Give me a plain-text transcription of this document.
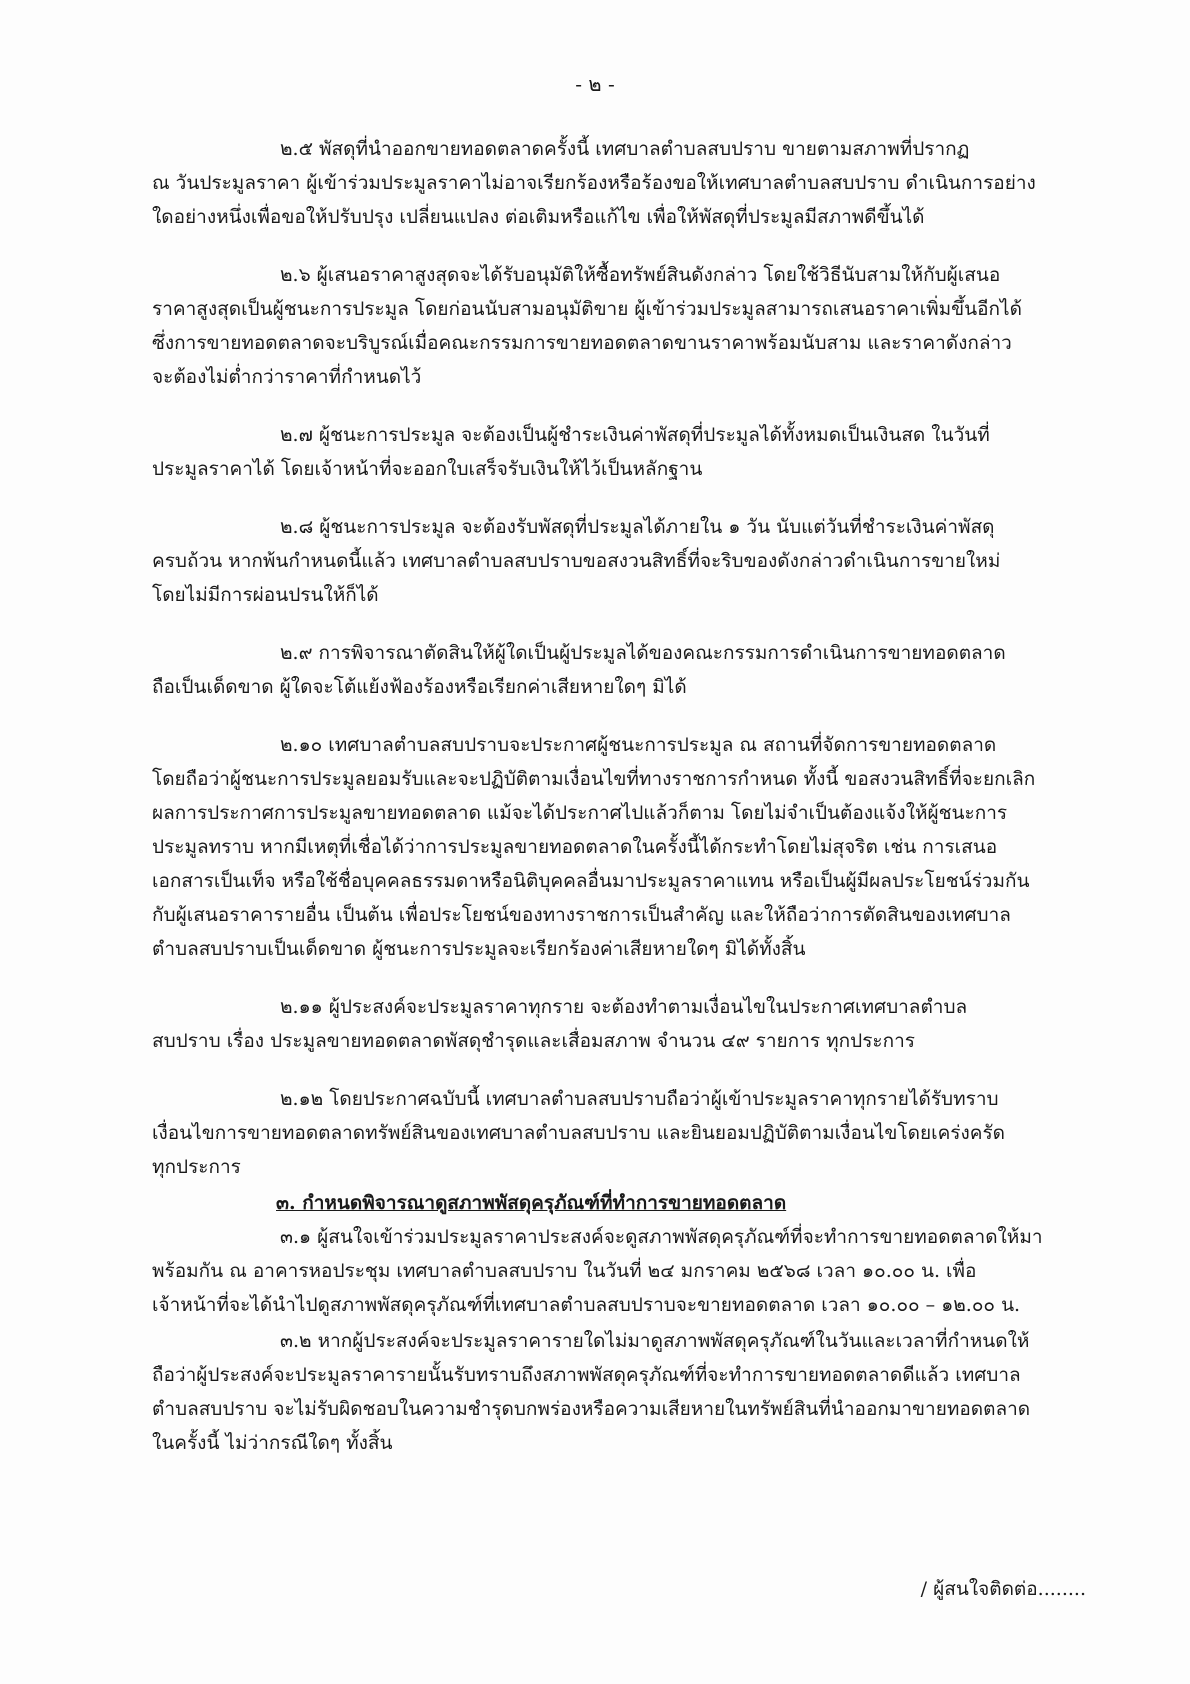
- ๒ -
๒.๕ พัสดุที่นำออกขายทอดตลาดครั้งนี้ เทศบาลตำบลสบปราบ ขายตามสภาพที่ปรากฏ
ณ วันประมูลราคา ผู้เข้าร่วมประมูลราคาไม่อาจเรียกร้องหรือร้องขอให้เทศบาลตำบลสบปราบ ดำเนินการอย่าง
ใดอย่างหนึ่งเพื่อขอให้ปรับปรุง เปลี่ยนแปลง ต่อเติมหรือแก้ไข เพื่อให้พัสดุที่ประมูลมีสภาพดีขึ้นได้
๒.๖ ผู้เสนอราคาสูงสุดจะได้รับอนุมัติให้ซื้อทรัพย์สินดังกล่าว โดยใช้วิธีนับสามให้กับผู้เสนอ
ราคาสูงสุดเป็นผู้ชนะการประมูล โดยก่อนนับสามอนุมัติขาย ผู้เข้าร่วมประมูลสามารถเสนอราคาเพิ่มขึ้นอีกได้
ซึ่งการขายทอดตลาดจะบริบูรณ์เมื่อคณะกรรมการขายทอดตลาดขานราคาพร้อมนับสาม และราคาดังกล่าว
จะต้องไม่ต่ำกว่าราคาที่กำหนดไว้
๒.๗ ผู้ชนะการประมูล จะต้องเป็นผู้ชำระเงินค่าพัสดุที่ประมูลได้ทั้งหมดเป็นเงินสด ในวันที่
ประมูลราคาได้ โดยเจ้าหน้าที่จะออกใบเสร็จรับเงินให้ไว้เป็นหลักฐาน
๒.๘ ผู้ชนะการประมูล จะต้องรับพัสดุที่ประมูลได้ภายใน ๑ วัน นับแต่วันที่ชำระเงินค่าพัสดุ
ครบถ้วน หากพ้นกำหนดนี้แล้ว เทศบาลตำบลสบปราบขอสงวนสิทธิ์ที่จะริบของดังกล่าวดำเนินการขายใหม่
โดยไม่มีการผ่อนปรนให้ก็ได้
๒.๙ การพิจารณาตัดสินให้ผู้ใดเป็นผู้ประมูลได้ของคณะกรรมการดำเนินการขายทอดตลาด
ถือเป็นเด็ดขาด ผู้ใดจะโต้แย้งฟ้องร้องหรือเรียกค่าเสียหายใดๆ มิได้
๒.๑๐ เทศบาลตำบลสบปราบจะประกาศผู้ชนะการประมูล ณ สถานที่จัดการขายทอดตลาด
โดยถือว่าผู้ชนะการประมูลยอมรับและจะปฏิบัติตามเงื่อนไขที่ทางราชการกำหนด ทั้งนี้ ขอสงวนสิทธิ์ที่จะยกเลิก
ผลการประกาศการประมูลขายทอดตลาด แม้จะได้ประกาศไปแล้วก็ตาม โดยไม่จำเป็นต้องแจ้งให้ผู้ชนะการ
ประมูลทราบ หากมีเหตุที่เชื่อได้ว่าการประมูลขายทอดตลาดในครั้งนี้ได้กระทำโดยไม่สุจริต เช่น การเสนอ
เอกสารเป็นเท็จ หรือใช้ชื่อบุคคลธรรมดาหรือนิติบุคคลอื่นมาประมูลราคาแทน หรือเป็นผู้มีผลประโยชน์ร่วมกัน
กับผู้เสนอราคารายอื่น เป็นต้น เพื่อประโยชน์ของทางราชการเป็นสำคัญ และให้ถือว่าการตัดสินของเทศบาล
ตำบลสบปราบเป็นเด็ดขาด ผู้ชนะการประมูลจะเรียกร้องค่าเสียหายใดๆ มิได้ทั้งสิ้น
๒.๑๑ ผู้ประสงค์จะประมูลราคาทุกราย จะต้องทำตามเงื่อนไขในประกาศเทศบาลตำบล
สบปราบ เรื่อง ประมูลขายทอดตลาดพัสดุชำรุดและเสื่อมสภาพ จำนวน ๔๙ รายการ ทุกประการ
๒.๑๒ โดยประกาศฉบับนี้ เทศบาลตำบลสบปราบถือว่าผู้เข้าประมูลราคาทุกรายได้รับทราบ
เงื่อนไขการขายทอดตลาดทรัพย์สินของเทศบาลตำบลสบปราบ และยินยอมปฏิบัติตามเงื่อนไขโดยเคร่งครัด
ทุกประการ
๓. กำหนดพิจารณาดูสภาพพัสดุครุภัณฑ์ที่ทำการขายทอดตลาด
๓.๑ ผู้สนใจเข้าร่วมประมูลราคาประสงค์จะดูสภาพพัสดุครุภัณฑ์ที่จะทำการขายทอดตลาดให้มา
พร้อมกัน ณ อาคารหอประชุม เทศบาลตำบลสบปราบ ในวันที่ ๒๔ มกราคม ๒๕๖๘ เวลา ๑๐.๐๐ น. เพื่อ
เจ้าหน้าที่จะได้นำไปดูสภาพพัสดุครุภัณฑ์ที่เทศบาลตำบลสบปราบจะขายทอดตลาด เวลา ๑๐.๐๐ – ๑๒.๐๐ น.
๓.๒ หากผู้ประสงค์จะประมูลราคารายใดไม่มาดูสภาพพัสดุครุภัณฑ์ในวันและเวลาที่กำหนดให้
ถือว่าผู้ประสงค์จะประมูลราคารายนั้นรับทราบถึงสภาพพัสดุครุภัณฑ์ที่จะทำการขายทอดตลาดดีแล้ว เทศบาล
ตำบลสบปราบ จะไม่รับผิดชอบในความชำรุดบกพร่องหรือความเสียหายในทรัพย์สินที่นำออกมาขายทอดตลาด
ในครั้งนี้ ไม่ว่ากรณีใดๆ ทั้งสิ้น
/ ผู้สนใจติดต่อ........
